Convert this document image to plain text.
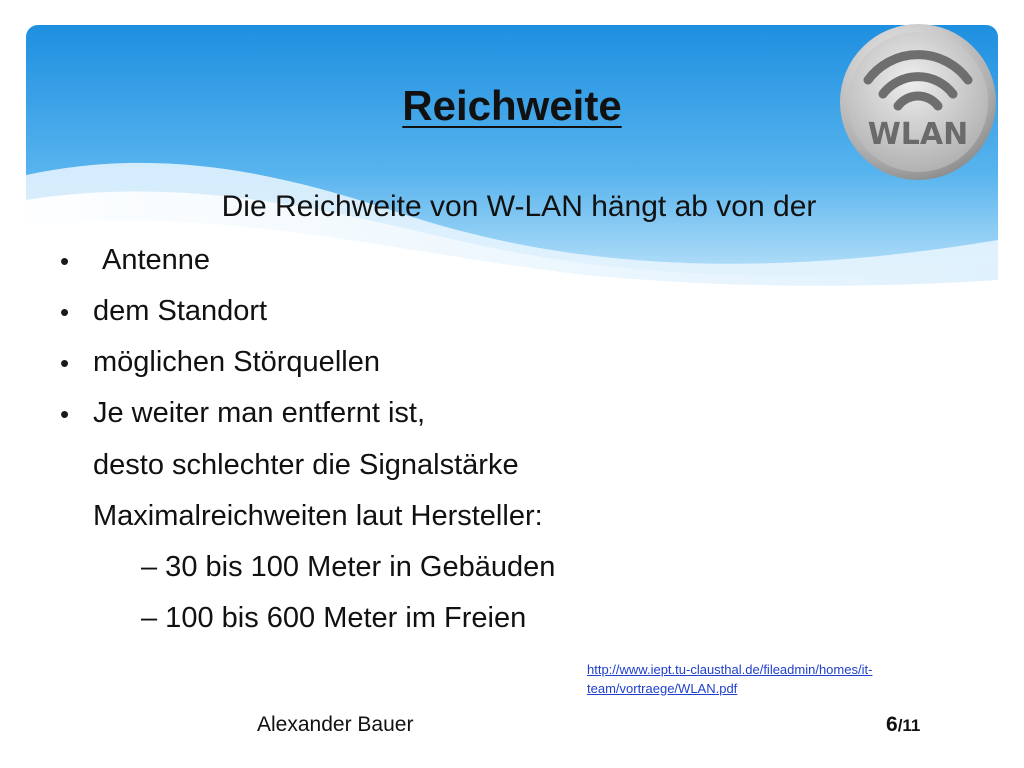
Reichweite
Die Reichweite von W-LAN hängt ab von der
• Antenne
• dem Standort
• möglichen Störquellen
• Je weiter man entfernt ist,
desto schlechter die Signalstärke
Maximalreichweiten laut Hersteller:
– 30 bis 100 Meter in Gebäuden
– 100 bis 600 Meter im Freien
WLAN
http://www.iept.tu-clausthal.de/fileadmin/homes/it-
team/vortraege/WLAN.pdf
Alexander Bauer	6/11
